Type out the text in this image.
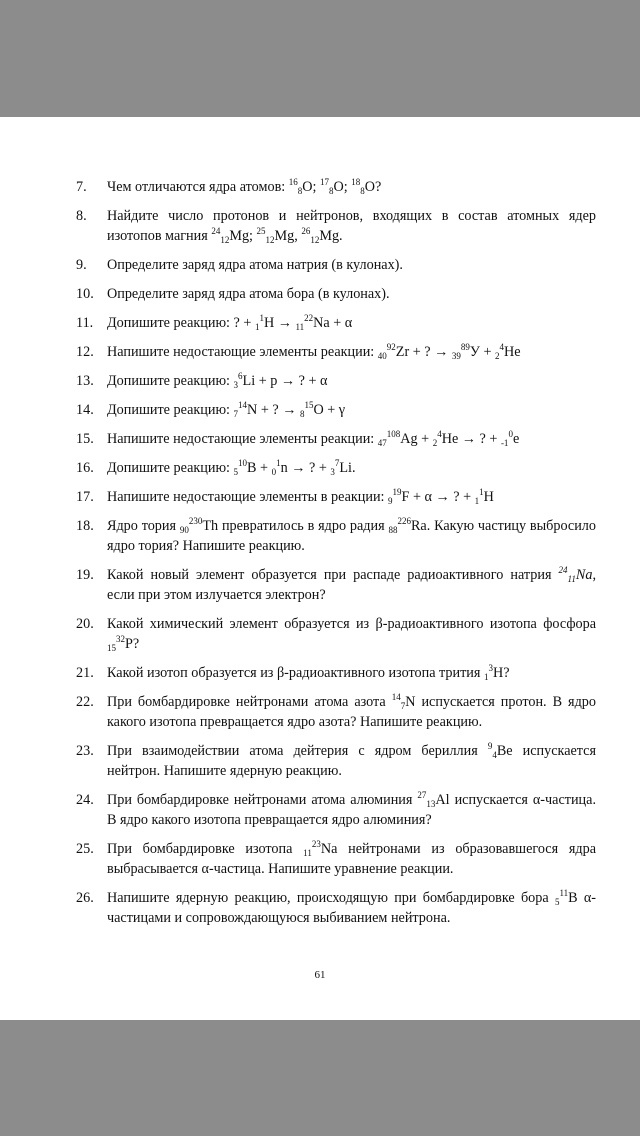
7.	Чем отличаются ядра атомов: $^{16}_8$O; $^{17}_8$O; $^{18}_8$O?
8.	Найдите число протонов и нейтронов, входящих в состав атомных ядер изотопов магния $^{24}_{12}$Mg; $^{25}_{12}$Mg, $^{26}_{12}$Mg.
9.	Определите заряд ядра атома натрия (в кулонах).
10. Определите заряд ядра атома бора (в кулонах).
11. Допишите реакцию: ? + $_1^1$H → $_{11}^{22}$Na + α
12. Напишите недостающие элементы реакции: $_{40}^{92}$Zr + ? → $_{39}^{89}$У + $_2^4$He
13. Допишите реакцию: $_3^6$Li + p → ? + α
14. Допишите реакцию: $_7^{14}$N + ? → $_8^{15}$O + γ
15. Напишите недостающие элементы реакции: $_{47}^{108}$Ag + $_2^4$He → ? + $_{-1}^0$e
16. Допишите реакцию: $_5^{10}$B + $_0^1$n → ? + $_3^7$Li.
17. Напишите недостающие элементы в реакции: $_9^{19}$F + α → ? + $_1^1$H
18. Ядро тория $_{90}^{230}$Th превратилось в ядро радия $_{88}^{226}$Ra. Какую частицу выбросило ядро тория? Напишите реакцию.
19. Какой новый элемент образуется при распаде радиоактивного натрия $^{24}_{11}$Na, если при этом излучается электрон?
20. Какой химический элемент образуется из β-радиоактивного изотопа фосфора $_{15}^{32}$P?
21. Какой изотоп образуется из β-радиоактивного изотопа трития $_1^3$H?
22. При бомбардировке нейтронами атома азота $^{14}_7$N испускается протон. В ядро какого изотопа превращается ядро азота? Напишите реакцию.
23. При взаимодействии атома дейтерия с ядром бериллия $^9_4$Be испускается нейтрон. Напишите ядерную реакцию.
24. При бомбардировке нейтронами атома алюминия $^{27}_{13}$Al испускается α-частица. В ядро какого изотопа превращается ядро алюминия?
25. При бомбардировке изотопа $_{11}^{23}$Na нейтронами из образовавшегося ядра выбрасывается α-частица. Напишите уравнение реакции.
26. Напишите ядерную реакцию, происходящую при бомбардировке бора $_5^{11}$B α-частицами и сопровождающуюся выбиванием нейтрона.
61
